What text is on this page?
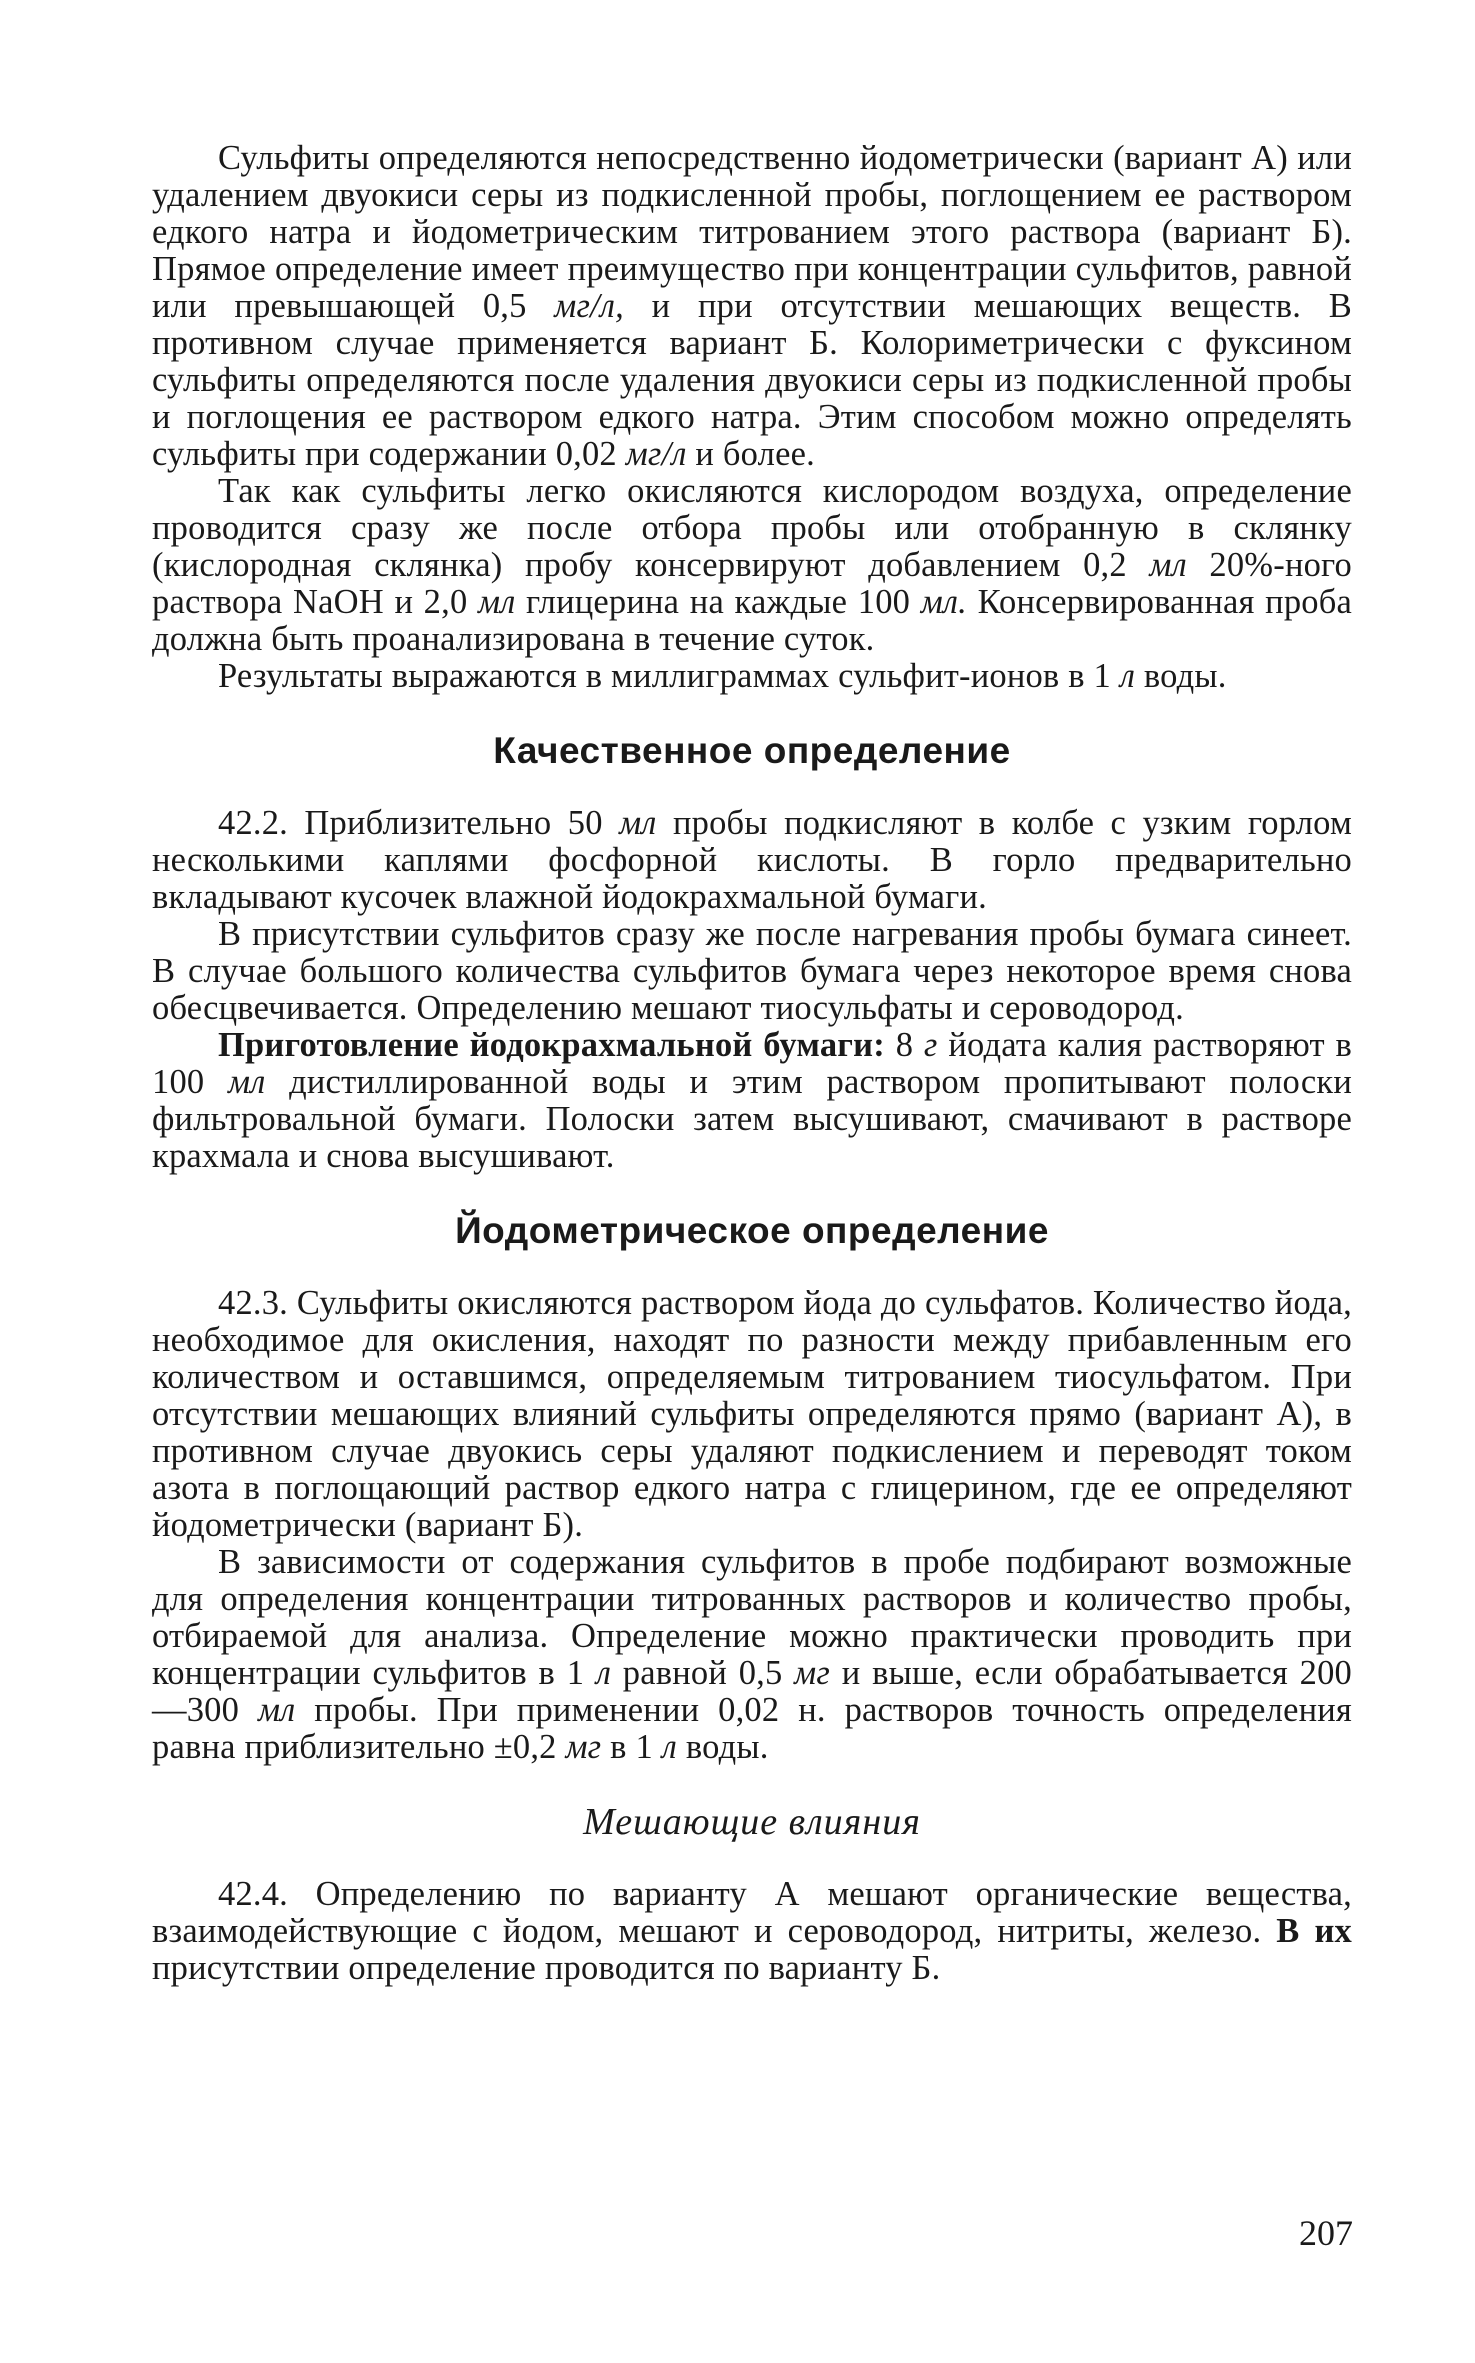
Сульфиты определяются непосредственно йодометрически (вариант А) или удалением двуокиси серы из подкисленной пробы, поглощением ее раствором едкого натра и йодометрическим титрованием этого раствора (вариант Б). Прямое определение имеет преимущество при концентрации сульфитов, равной или превышающей 0,5 мг/л, и при отсутствии мешающих веществ. В противном случае применяется вариант Б. Колориметрически с фуксином сульфиты определяются после удаления двуокиси серы из подкисленной пробы и поглощения ее раствором едкого натра. Этим способом можно определять сульфиты при содержании 0,02 мг/л и более.

Так как сульфиты легко окисляются кислородом воздуха, определение проводится сразу же после отбора пробы или отобранную в склянку (кислородная склянка) пробу консервируют добавлением 0,2 мл 20%-ного раствора NaOH и 2,0 мл глицерина на каждые 100 мл. Консервированная проба должна быть проанализирована в течение суток.

Результаты выражаются в миллиграммах сульфит-ионов в 1 л воды.

Качественное определение

42.2. Приблизительно 50 мл пробы подкисляют в колбе с узким горлом несколькими каплями фосфорной кислоты. В горло предварительно вкладывают кусочек влажной йодокрахмальной бумаги.

В присутствии сульфитов сразу же после нагревания пробы бумага синеет. В случае большого количества сульфитов бумага через некоторое время снова обесцвечивается. Определению мешают тиосульфаты и сероводород.

Приготовление йодокрахмальной бумаги: 8 г йодата калия растворяют в 100 мл дистиллированной воды и этим раствором пропитывают полоски фильтровальной бумаги. Полоски затем высушивают, смачивают в растворе крахмала и снова высушивают.

Йодометрическое определение

42.3. Сульфиты окисляются раствором йода до сульфатов. Количество йода, необходимое для окисления, находят по разности между прибавленным его количеством и оставшимся, определяемым титрованием тиосульфатом. При отсутствии мешающих влияний сульфиты определяются прямо (вариант А), в противном случае двуокись серы удаляют подкислением и переводят током азота в поглощающий раствор едкого натра с глицерином, где ее определяют йодометрически (вариант Б).

В зависимости от содержания сульфитов в пробе подбирают возможные для определения концентрации титрованных растворов и количество пробы, отбираемой для анализа. Определение можно практически проводить при концентрации сульфитов в 1 л равной 0,5 мг и выше, если обрабатывается 200—300 мл пробы. При применении 0,02 н. растворов точность определения равна приблизительно ±0,2 мг в 1 л воды.

Мешающие влияния

42.4. Определению по варианту А мешают органические вещества, взаимодействующие с йодом, мешают и сероводород, нитриты, железо. В их присутствии определение проводится по варианту Б.

207
